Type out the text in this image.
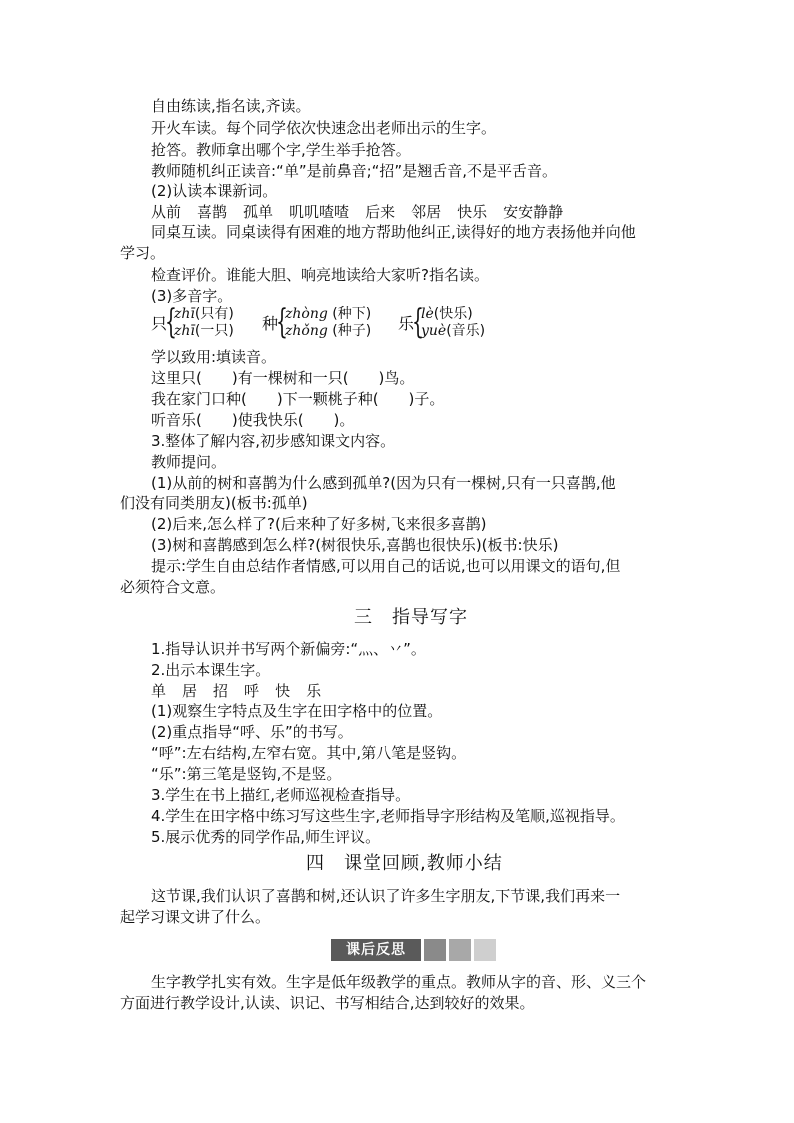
自由练读,指名读,齐读。
开火车读。每个同学依次快速念出老师出示的生字。
抢答。教师拿出哪个字,学生举手抢答。
教师随机纠正读音:“单”是前鼻音;“招”是翘舌音,不是平舌音。
(2)认读本课新词。
从前 喜鹊 孤单 叽叽喳喳 后来 邻居 快乐 安安静静
同桌互读。同桌读得有困难的地方帮助他纠正,读得好的地方表扬他并向他
学习。
检查评价。谁能大胆、响亮地读给大家听?指名读。
(3)多音字。
只
{
zhī(只有)
zhī(一只) 种
{
zhòng (种下)
zhǒng (种子) 乐
{
lè(快乐)
yuè(音乐)
学以致用:填读音。
这里只(　　)有一棵树和一只(　　)鸟。
我在家门口种(　　)下一颗桃子种(　　)子。
听音乐(　　)使我快乐(　　)。
3.整体了解内容,初步感知课文内容。
教师提问。
(1)从前的树和喜鹊为什么感到孤单?(因为只有一棵树,只有一只喜鹊,他
们没有同类朋友)(板书:孤单)
(2)后来,怎么样了?(后来种了好多树,飞来很多喜鹊)
(3)树和喜鹊感到怎么样?(树很快乐,喜鹊也很快乐)(板书:快乐)
提示:学生自由总结作者情感,可以用自己的话说,也可以用课文的语句,但
必须符合文意。
三　指导写字
1.指导认识并书写两个新偏旁:“⺣、丷”。
2.出示本课生字。
单 居 招 呼 快 乐
(1)观察生字特点及生字在田字格中的位置。
(2)重点指导“呼、乐”的书写。
“呼”:左右结构,左窄右宽。其中,第八笔是竖钩。
“乐”:第三笔是竖钩,不是竖。
3.学生在书上描红,老师巡视检查指导。
4.学生在田字格中练习写这些生字,老师指导字形结构及笔顺,巡视指导。
5.展示优秀的同学作品,师生评议。
四　课堂回顾,教师小结
这节课,我们认识了喜鹊和树,还认识了许多生字朋友,下节课,我们再来一
起学习课文讲了什么。
课后反思
生字教学扎实有效。生字是低年级教学的重点。教师从字的音、形、义三个
方面进行教学设计,认读、识记、书写相结合,达到较好的效果。
